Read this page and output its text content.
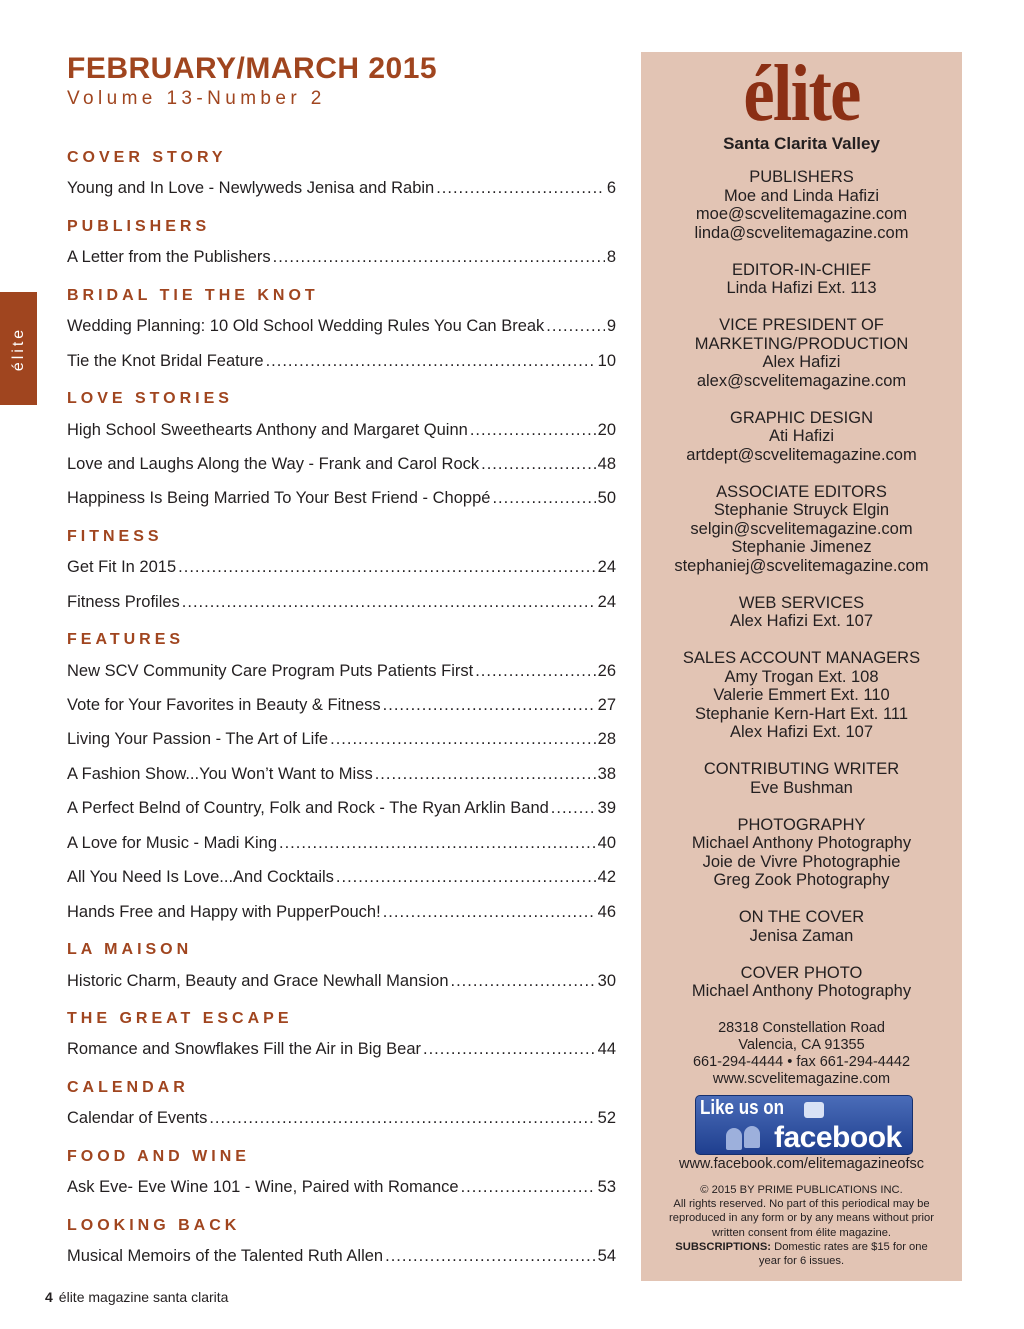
élite
FEBRUARY/MARCH 2015
Volume 13-Number 2
COVER STORY
Young and In Love - Newlyweds Jenisa and Rabin .....	6
PUBLISHERS
A Letter from the Publishers .....	8
BRIDAL TIE THE KNOT
Wedding Planning: 10 Old School Wedding Rules You Can Break .....	9
Tie the Knot Bridal Feature .....	10
LOVE STORIES
High School Sweethearts Anthony and Margaret Quinn .....	20
Love and Laughs Along the Way - Frank and Carol Rock .....	48
Happiness Is Being Married To Your Best Friend - Choppé .....	50
FITNESS
Get Fit In 2015 .....	24
Fitness Profiles .....	24
FEATURES
New SCV Community Care Program Puts Patients First .....	26
Vote for Your Favorites in Beauty & Fitness .....	27
Living Your Passion - The Art of Life .....	28
A Fashion Show...You Won’t Want to Miss .....	38
A Perfect Belnd of Country, Folk and Rock - The Ryan Arklin Band .....	39
A Love for Music - Madi King .....	40
All You Need Is Love...And Cocktails .....	42
Hands Free and Happy with PupperPouch! .....	46
LA MAISON
Historic Charm, Beauty and Grace Newhall Mansion .....	30
THE GREAT ESCAPE
Romance and Snowflakes Fill the Air in Big Bear .....	44
CALENDAR
Calendar of Events .....	52
FOOD AND WINE
Ask Eve- Eve Wine 101 - Wine, Paired with Romance .....	53
LOOKING BACK
Musical Memoirs of the Talented Ruth Allen .....	54
élite
Santa Clarita Valley
PUBLISHERS
Moe and Linda Hafizi
moe@scvelitemagazine.com
linda@scvelitemagazine.com
EDITOR-IN-CHIEF
Linda Hafizi Ext. 113
VICE PRESIDENT OF
MARKETING/PRODUCTION
Alex Hafizi
alex@scvelitemagazine.com
GRAPHIC DESIGN
Ati Hafizi
artdept@scvelitemagazine.com
ASSOCIATE EDITORS
Stephanie Struyck Elgin
selgin@scvelitemagazine.com
Stephanie Jimenez
stephaniej@scvelitemagazine.com
WEB SERVICES
Alex Hafizi Ext. 107
SALES ACCOUNT MANAGERS
Amy Trogan Ext. 108
Valerie Emmert Ext. 110
Stephanie Kern-Hart Ext. 111
Alex Hafizi Ext. 107
CONTRIBUTING WRITER
Eve Bushman
PHOTOGRAPHY
Michael Anthony Photography
Joie de Vivre Photographie
Greg Zook Photography
ON THE COVER
Jenisa Zaman
COVER PHOTO
Michael Anthony Photography
28318 Constellation Road
Valencia, CA 91355
661-294-4444 • fax 661-294-4442
www.scvelitemagazine.com
Like us on
facebook
www.facebook.com/elitemagazineofsc
© 2015 BY PRIME PUBLICATIONS INC.
All rights reserved. No part of this periodical may be reproduced in any form or by any means without prior written consent from élite magazine.
SUBSCRIPTIONS: Domestic rates are $15 for one year for 6 issues.
4 élite magazine santa clarita
